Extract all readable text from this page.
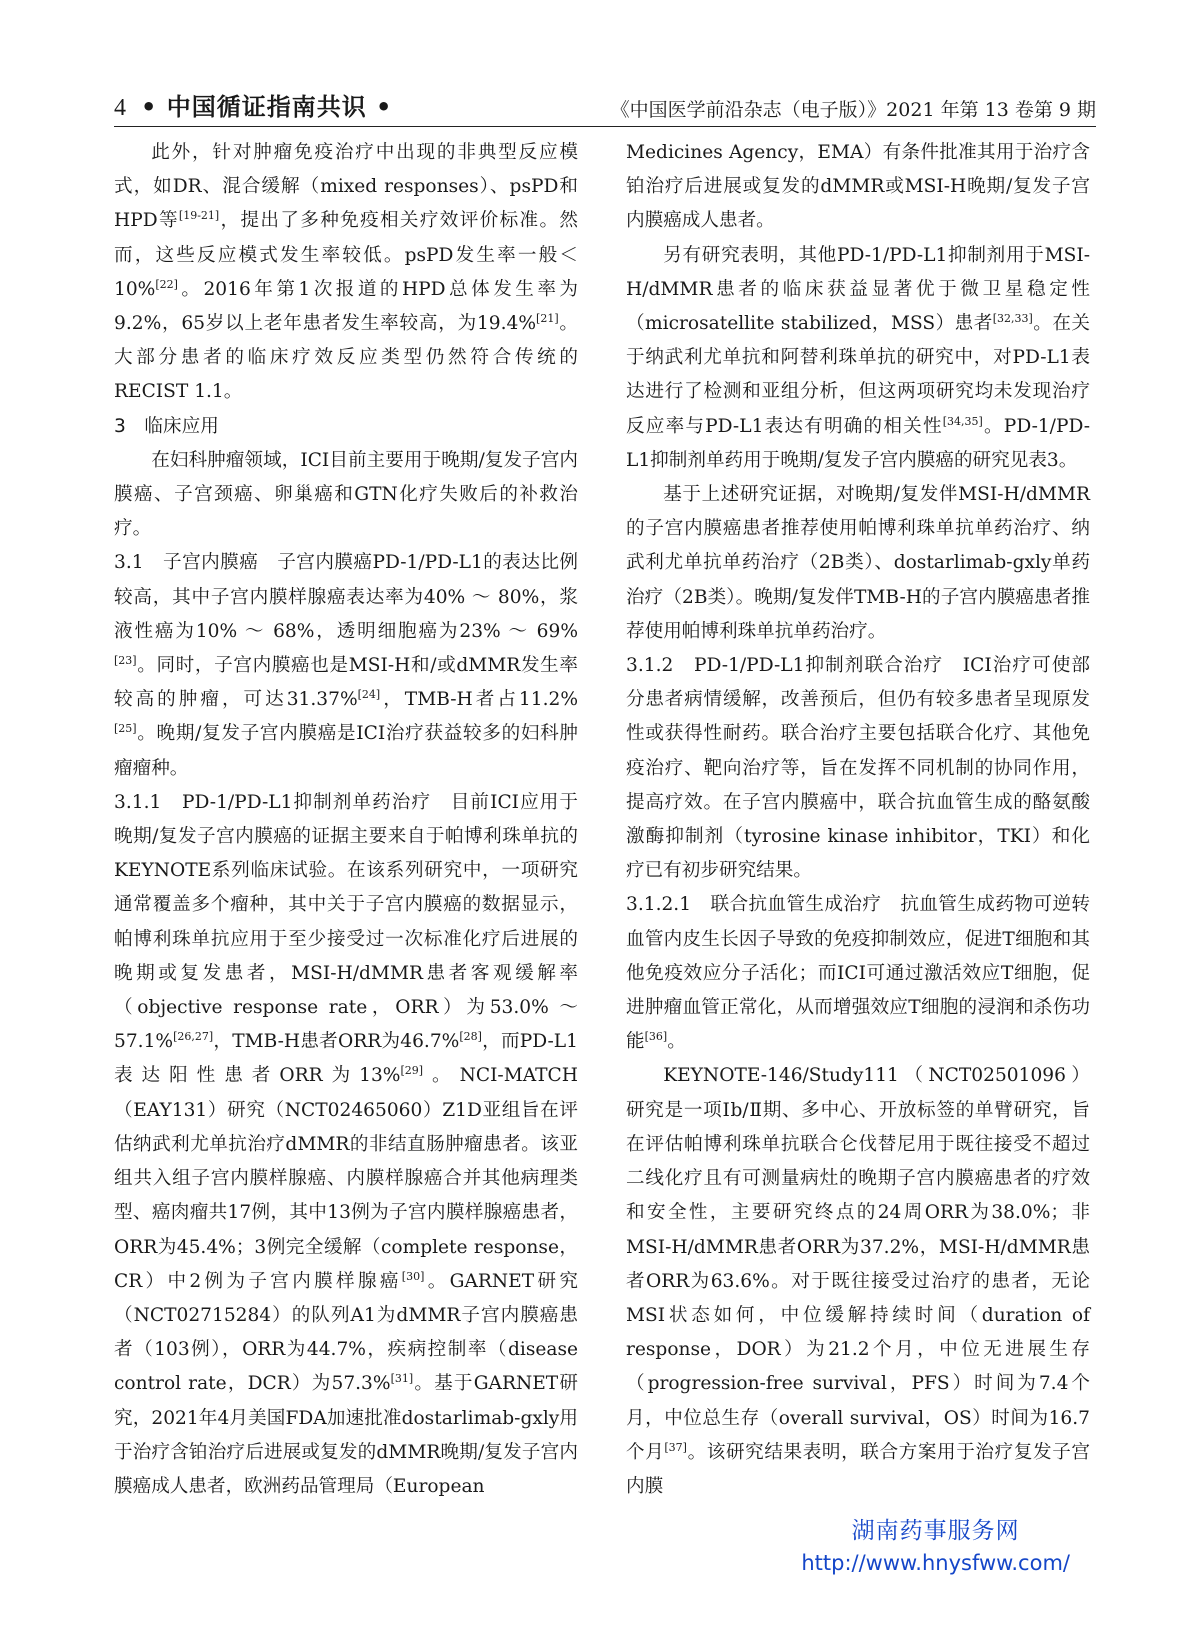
4 • 中国循证指南共识 •	《中国医学前沿杂志（电子版）》2021 年第 13 卷第 9 期

此外，针对肿瘤免疫治疗中出现的非典型反应模式，如DR、混合缓解（mixed responses）、psPD和HPD等[19-21]，提出了多种免疫相关疗效评价标准。然而，这些反应模式发生率较低。psPD发生率一般＜ 10%[22]。2016年第1次报道的HPD总体发生率为9.2%，65岁以上老年患者发生率较高，为19.4%[21]。大部分患者的临床疗效反应类型仍然符合传统的RECIST 1.1。

3　临床应用

在妇科肿瘤领域，ICI目前主要用于晚期/复发子宫内膜癌、子宫颈癌、卵巢癌和GTN化疗失败后的补救治疗。

3.1　子宫内膜癌　子宫内膜癌PD-1/PD-L1的表达比例较高，其中子宫内膜样腺癌表达率为40% ～ 80%，浆液性癌为10% ～ 68%，透明细胞癌为23% ～ 69%[23]。同时，子宫内膜癌也是MSI-H和/或dMMR发生率较高的肿瘤，可达31.37%[24]，TMB-H者占11.2%[25]。晚期/复发子宫内膜癌是ICI治疗获益较多的妇科肿瘤瘤种。

3.1.1　PD-1/PD-L1抑制剂单药治疗　目前ICI应用于晚期/复发子宫内膜癌的证据主要来自于帕博利珠单抗的KEYNOTE系列临床试验。在该系列研究中，一项研究通常覆盖多个瘤种，其中关于子宫内膜癌的数据显示，帕博利珠单抗应用于至少接受过一次标准化疗后进展的晚期或复发患者，MSI-H/dMMR患者客观缓解率（objective response rate，ORR）为53.0% ～ 57.1%[26,27]，TMB-H患者ORR为46.7%[28]，而PD-L1表达阳性患者ORR为13%[29]。NCI-MATCH（EAY131）研究（NCT02465060）Z1D亚组旨在评估纳武利尤单抗治疗dMMR的非结直肠肿瘤患者。该亚组共入组子宫内膜样腺癌、内膜样腺癌合并其他病理类型、癌肉瘤共17例，其中13例为子宫内膜样腺癌患者，ORR为45.4%；3例完全缓解（complete response，CR）中2例为子宫内膜样腺癌[30]。GARNET研究（NCT02715284）的队列A1为dMMR子宫内膜癌患者（103例），ORR为44.7%，疾病控制率（disease control rate，DCR）为57.3%[31]。基于GARNET研究，2021年4月美国FDA加速批准dostarlimab-gxly用于治疗含铂治疗后进展或复发的dMMR晚期/复发子宫内膜癌成人患者，欧洲药品管理局（European

Medicines Agency，EMA）有条件批准其用于治疗含铂治疗后进展或复发的dMMR或MSI-H晚期/复发子宫内膜癌成人患者。

另有研究表明，其他PD-1/PD-L1抑制剂用于MSI-H/dMMR患者的临床获益显著优于微卫星稳定性（microsatellite stabilized，MSS）患者[32,33]。在关于纳武利尤单抗和阿替利珠单抗的研究中，对PD-L1表达进行了检测和亚组分析，但这两项研究均未发现治疗反应率与PD-L1表达有明确的相关性[34,35]。PD-1/PD-L1抑制剂单药用于晚期/复发子宫内膜癌的研究见表3。

基于上述研究证据，对晚期/复发伴MSI-H/dMMR的子宫内膜癌患者推荐使用帕博利珠单抗单药治疗、纳武利尤单抗单药治疗（2B类）、dostarlimab-gxly单药治疗（2B类）。晚期/复发伴TMB-H的子宫内膜癌患者推荐使用帕博利珠单抗单药治疗。

3.1.2　PD-1/PD-L1抑制剂联合治疗　ICI治疗可使部分患者病情缓解，改善预后，但仍有较多患者呈现原发性或获得性耐药。联合治疗主要包括联合化疗、其他免疫治疗、靶向治疗等，旨在发挥不同机制的协同作用，提高疗效。在子宫内膜癌中，联合抗血管生成的酪氨酸激酶抑制剂（tyrosine kinase inhibitor，TKI）和化疗已有初步研究结果。

3.1.2.1　联合抗血管生成治疗　抗血管生成药物可逆转血管内皮生长因子导致的免疫抑制效应，促进T细胞和其他免疫效应分子活化；而ICI可通过激活效应T细胞，促进肿瘤血管正常化，从而增强效应T细胞的浸润和杀伤功能[36]。

KEYNOTE-146/Study111（NCT02501096）研究是一项Ⅰb/Ⅱ期、多中心、开放标签的单臂研究，旨在评估帕博利珠单抗联合仑伐替尼用于既往接受不超过二线化疗且有可测量病灶的晚期子宫内膜癌患者的疗效和安全性，主要研究终点的24周ORR为38.0%；非MSI-H/dMMR患者ORR为37.2%，MSI-H/dMMR患者ORR为63.6%。对于既往接受过治疗的患者，无论MSI状态如何，中位缓解持续时间（duration of response，DOR）为21.2个月，中位无进展生存（progression-free survival，PFS）时间为7.4个月，中位总生存（overall survival，OS）时间为16.7个月[37]。该研究结果表明，联合方案用于治疗复发子宫内膜

湖南药事服务网
http://www.hnysfww.com/
